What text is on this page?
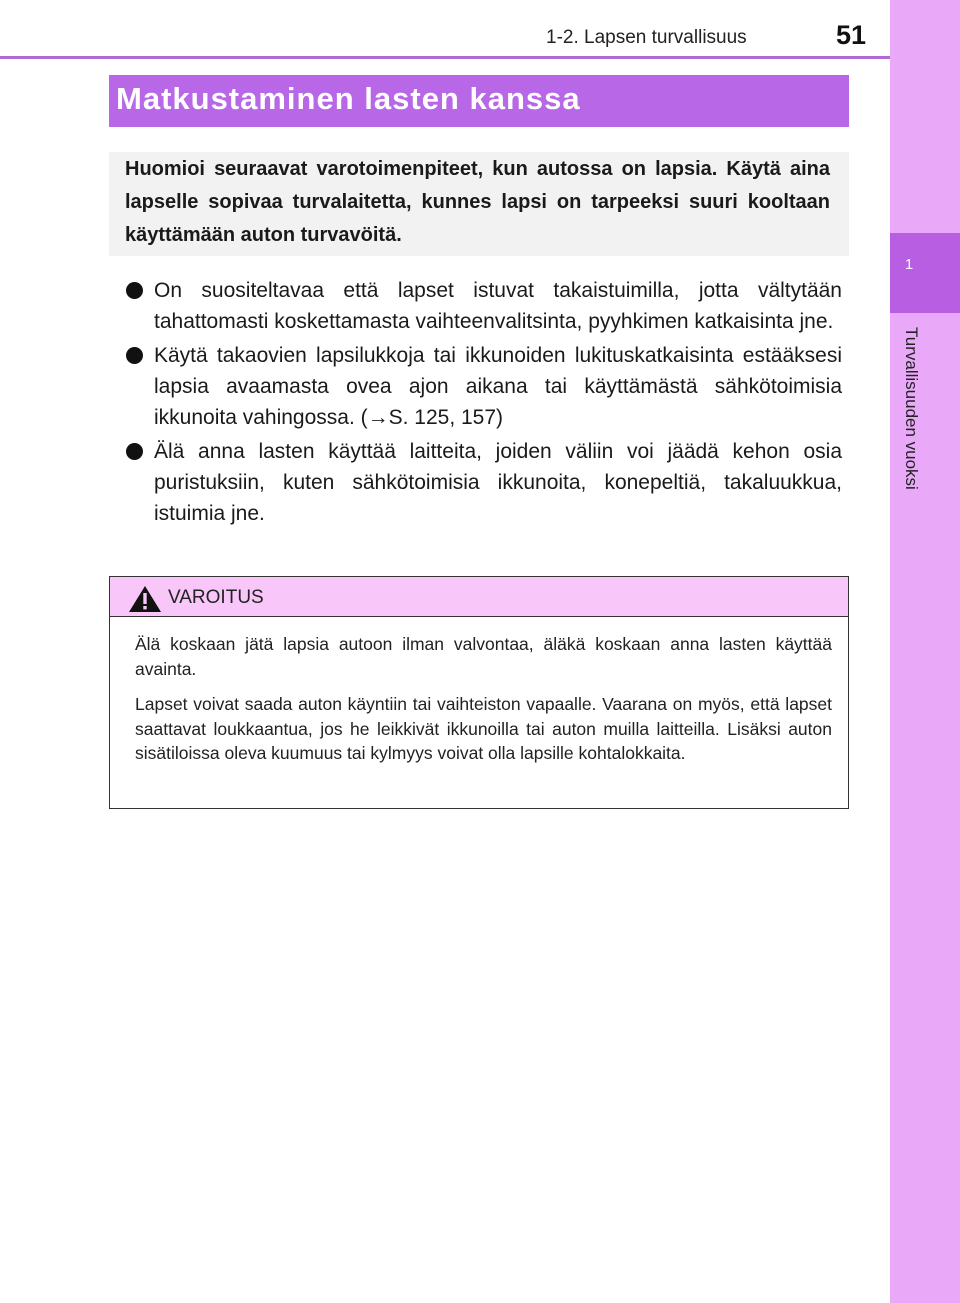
1-2. Lapsen turvallisuus	51
1
Turvallisuuden vuoksi
Matkustaminen lasten kanssa

Huomioi seuraavat varotoimenpiteet, kun autossa on lapsia. Käytä aina lapselle sopivaa turvalaitetta, kunnes lapsi on tarpeeksi suuri kooltaan käyttämään auton turvavöitä.

On suositeltavaa että lapset istuvat takaistuimilla, jotta vältytään tahattomasti koskettamasta vaihteenvalitsinta, pyyhkimen katkaisinta jne.
Käytä takaovien lapsilukkoja tai ikkunoiden lukituskatkaisinta estääksesi lapsia avaamasta ovea ajon aikana tai käyttämästä sähkötoimisia ikkunoita vahingossa. (→S. 125, 157)
Älä anna lasten käyttää laitteita, joiden väliin voi jäädä kehon osia puristuksiin, kuten sähkötoimisia ikkunoita, konepeltiä, takaluukkua, istuimia jne.
VAROITUS

Älä koskaan jätä lapsia autoon ilman valvontaa, äläkä koskaan anna lasten käyttää avainta.

Lapset voivat saada auton käyntiin tai vaihteiston vapaalle. Vaarana on myös, että lapset saattavat loukkaantua, jos he leikkivät ikkunoilla tai auton muilla laitteilla. Lisäksi auton sisätiloissa oleva kuumuus tai kylmyys voivat olla lapsille kohtalokkaita.
